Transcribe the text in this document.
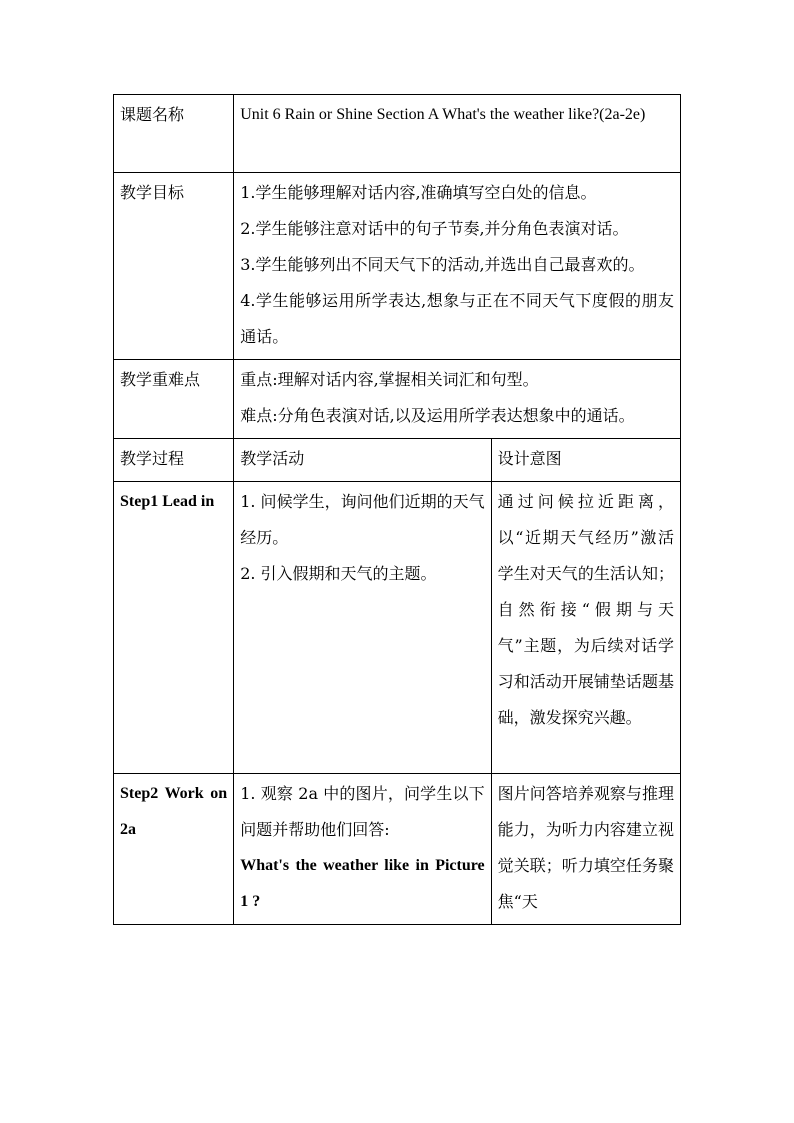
课题名称	Unit 6 Rain or Shine Section A What's the weather like?(2a-2e)	
教学目标	1.学生能够理解对话内容,准确填写空白处的信息。
2.学生能够注意对话中的句子节奏,并分角色表演对话。
3.学生能够列出不同天气下的活动,并选出自己最喜欢的。
4.学生能够运用所学表达,想象与正在不同天气下度假的朋友通话。	

教学重难点	重点:理解对话内容,掌握相关词汇和句型。
难点:分角色表演对话,以及运用所学表达想象中的通话。	

教学过程	教学活动	设计意图
Step1 Lead in	1. 问候学生，询问他们近期的天气经历。
2. 引入假期和天气的主题。	通过问候拉近距离，以“近期天气经历”激活学生对天气的生活认知；自然衔接“假期与天气”主题，为后续对话学习和活动开展铺垫话题基础，激发探究兴趣。
Step2 Work on 2a	1. 观察 2a 中的图片，问学生以下问题并帮助他们回答:
What's the weather like in Picture 1 ?	图片问答培养观察与推理能力，为听力内容建立视觉关联；听力填空任务聚焦“天
